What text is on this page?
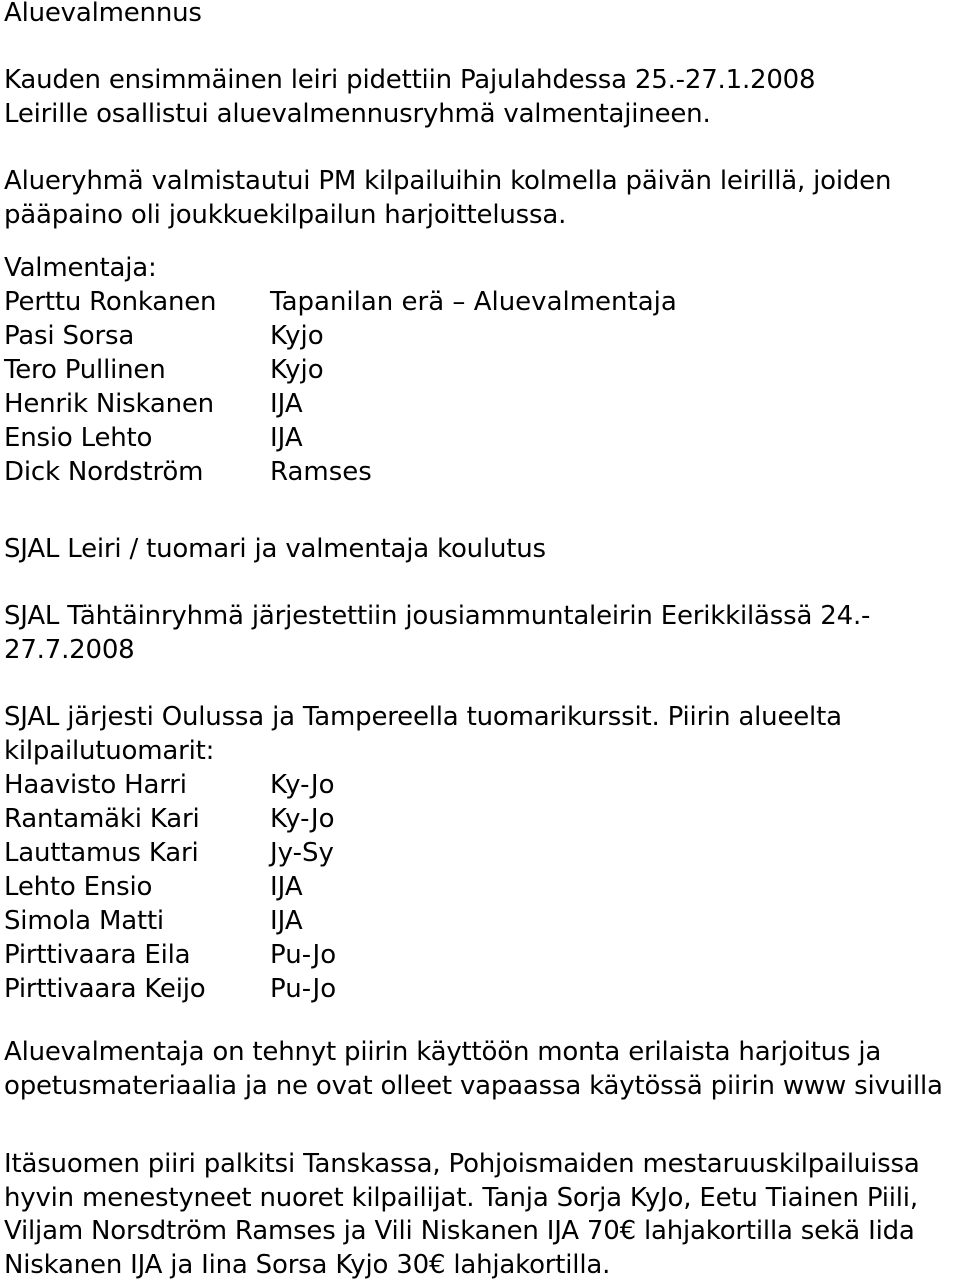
Aluevalmennus
Kauden ensimmäinen leiri pidettiin Pajulahdessa 25.-27.1.2008
Leirille osallistui aluevalmennusryhmä valmentajineen.
Alueryhmä valmistautui PM kilpailuihin kolmella päivän leirillä, joiden
pääpaino oli joukkuekilpailun harjoittelussa.
Valmentaja:
Perttu Ronkanen Tapanilan erä – Aluevalmentaja
Pasi Sorsa	Kyjo
Tero Pullinen	Kyjo
Henrik Niskanen IJA
Ensio Lehto	IJA
Dick Nordström	Ramses
SJAL Leiri / tuomari ja valmentaja koulutus
SJAL Tähtäinryhmä järjestettiin jousiammuntaleirin Eerikkilässä 24.-
27.7.2008
SJAL järjesti Oulussa ja Tampereella tuomarikurssit. Piirin alueelta
kilpailutuomarit:
Haavisto Harri	Ky-Jo
Rantamäki Kari	Ky-Jo
Lauttamus Kari	Jy-Sy
Lehto Ensio	IJA
Simola Matti	IJA
Pirttivaara Eila	Pu-Jo
Pirttivaara Keijo Pu-Jo
Aluevalmentaja on tehnyt piirin käyttöön monta erilaista harjoitus ja
opetusmateriaalia ja ne ovat olleet vapaassa käytössä piirin www sivuilla
Itäsuomen piiri palkitsi Tanskassa, Pohjoismaiden mestaruuskilpailuissa
hyvin menestyneet nuoret kilpailijat. Tanja Sorja KyJo, Eetu Tiainen Piili,
Viljam Norsdtröm Ramses ja Vili Niskanen IJA 70€ lahjakortilla sekä Iida
Niskanen IJA ja Iina Sorsa Kyjo 30€ lahjakortilla.
